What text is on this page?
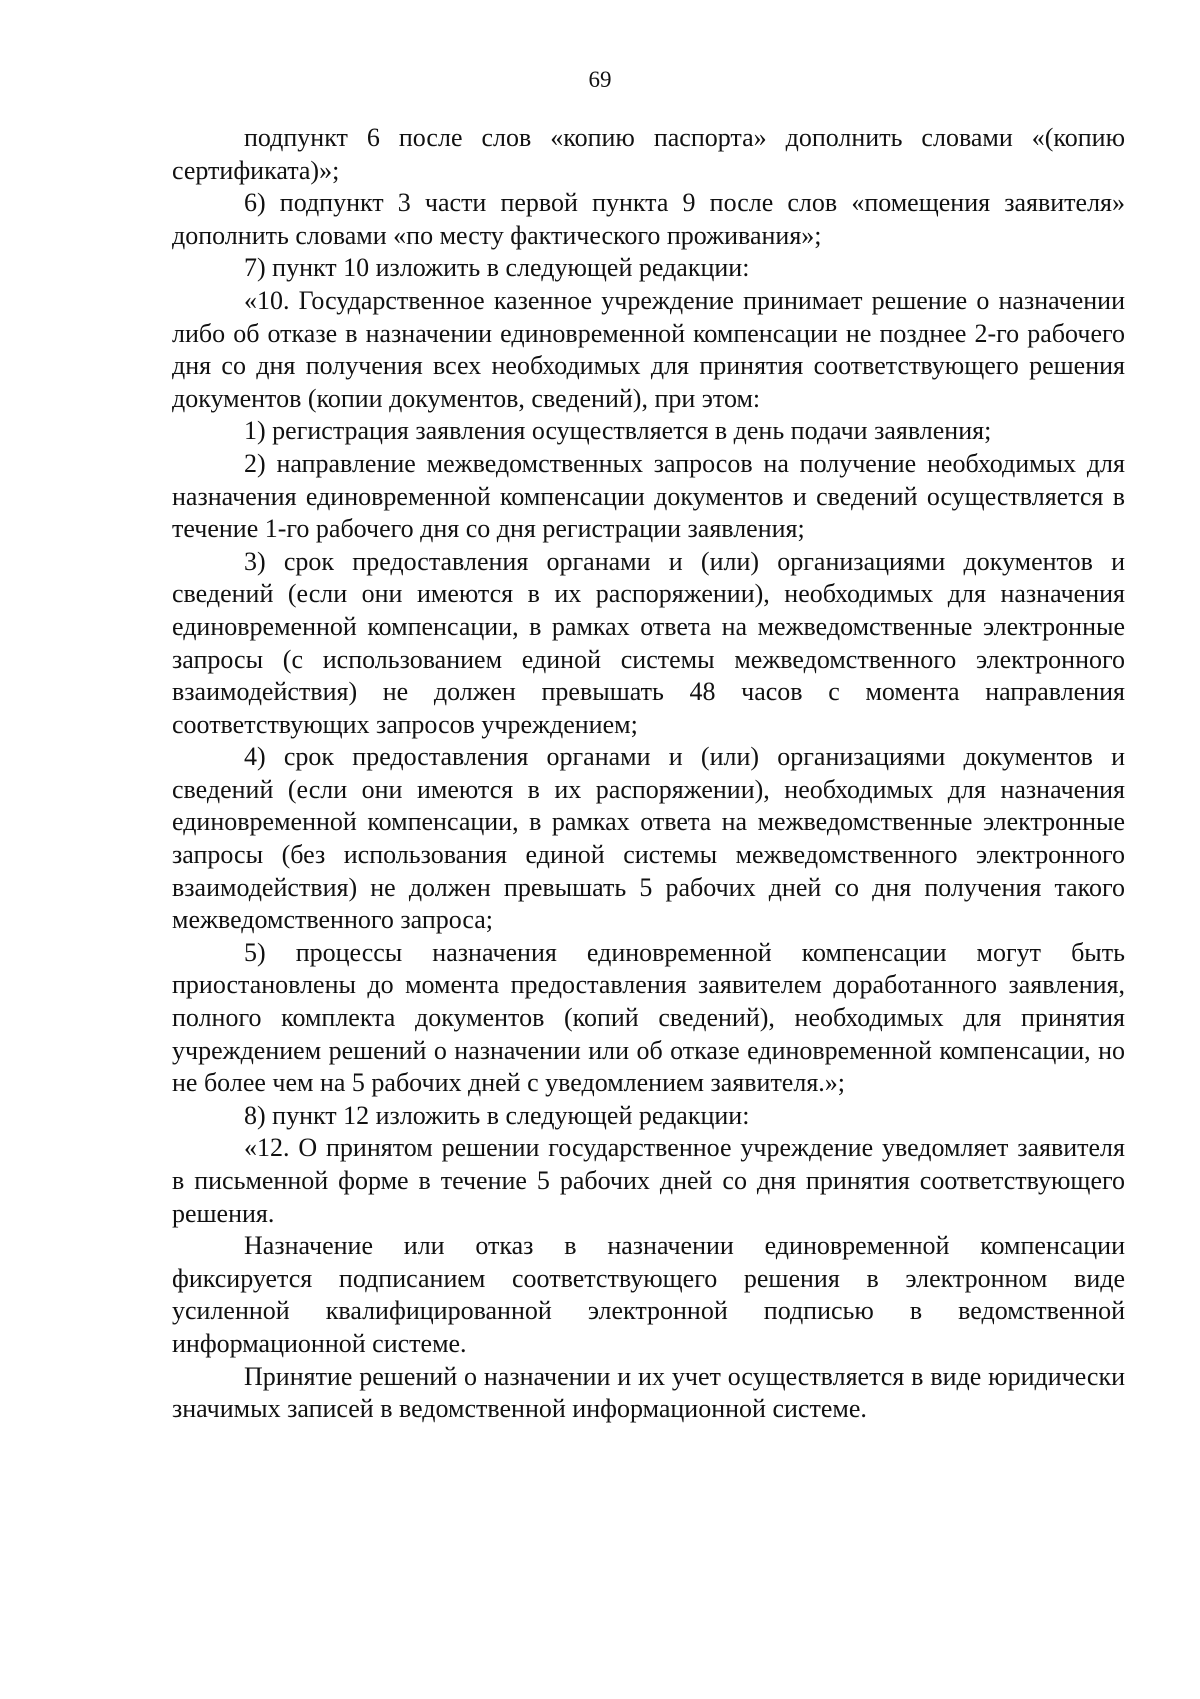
69

подпункт 6 после слов «копию паспорта» дополнить словами «(копию сертификата)»;

6) подпункт 3 части первой пункта 9 после слов «помещения заявителя» дополнить словами «по месту фактического проживания»;

7) пункт 10 изложить в следующей редакции:

«10. Государственное казенное учреждение принимает решение о назначении либо об отказе в назначении единовременной компенсации не позднее 2-го рабочего дня со дня получения всех необходимых для принятия соответствующего решения документов (копии документов, сведений), при этом:

1) регистрация заявления осуществляется в день подачи заявления;

2) направление межведомственных запросов на получение необходимых для назначения единовременной компенсации документов и сведений осуществляется в течение 1-го рабочего дня со дня регистрации заявления;

3) срок предоставления органами и (или) организациями документов и сведений (если они имеются в их распоряжении), необходимых для назначения единовременной компенсации, в рамках ответа на межведомственные электронные запросы (с использованием единой системы межведомственного электронного взаимодействия) не должен превышать 48 часов с момента направления соответствующих запросов учреждением;

4) срок предоставления органами и (или) организациями документов и сведений (если они имеются в их распоряжении), необходимых для назначения единовременной компенсации, в рамках ответа на межведомственные электронные запросы (без использования единой системы межведомственного электронного взаимодействия) не должен превышать 5 рабочих дней со дня получения такого межведомственного запроса;

5) процессы назначения единовременной компенсации могут быть приостановлены до момента предоставления заявителем доработанного заявления, полного комплекта документов (копий сведений), необходимых для принятия учреждением решений о назначении или об отказе единовременной компенсации, но не более чем на 5 рабочих дней с уведомлением заявителя.»;

8) пункт 12 изложить в следующей редакции:

«12. О принятом решении государственное учреждение уведомляет заявителя в письменной форме в течение 5 рабочих дней со дня принятия соответствующего решения.

Назначение или отказ в назначении единовременной компенсации фиксируется подписанием соответствующего решения в электронном виде усиленной квалифицированной электронной подписью в ведомственной информационной системе.

Принятие решений о назначении и их учет осуществляется в виде юридически значимых записей в ведомственной информационной системе.
